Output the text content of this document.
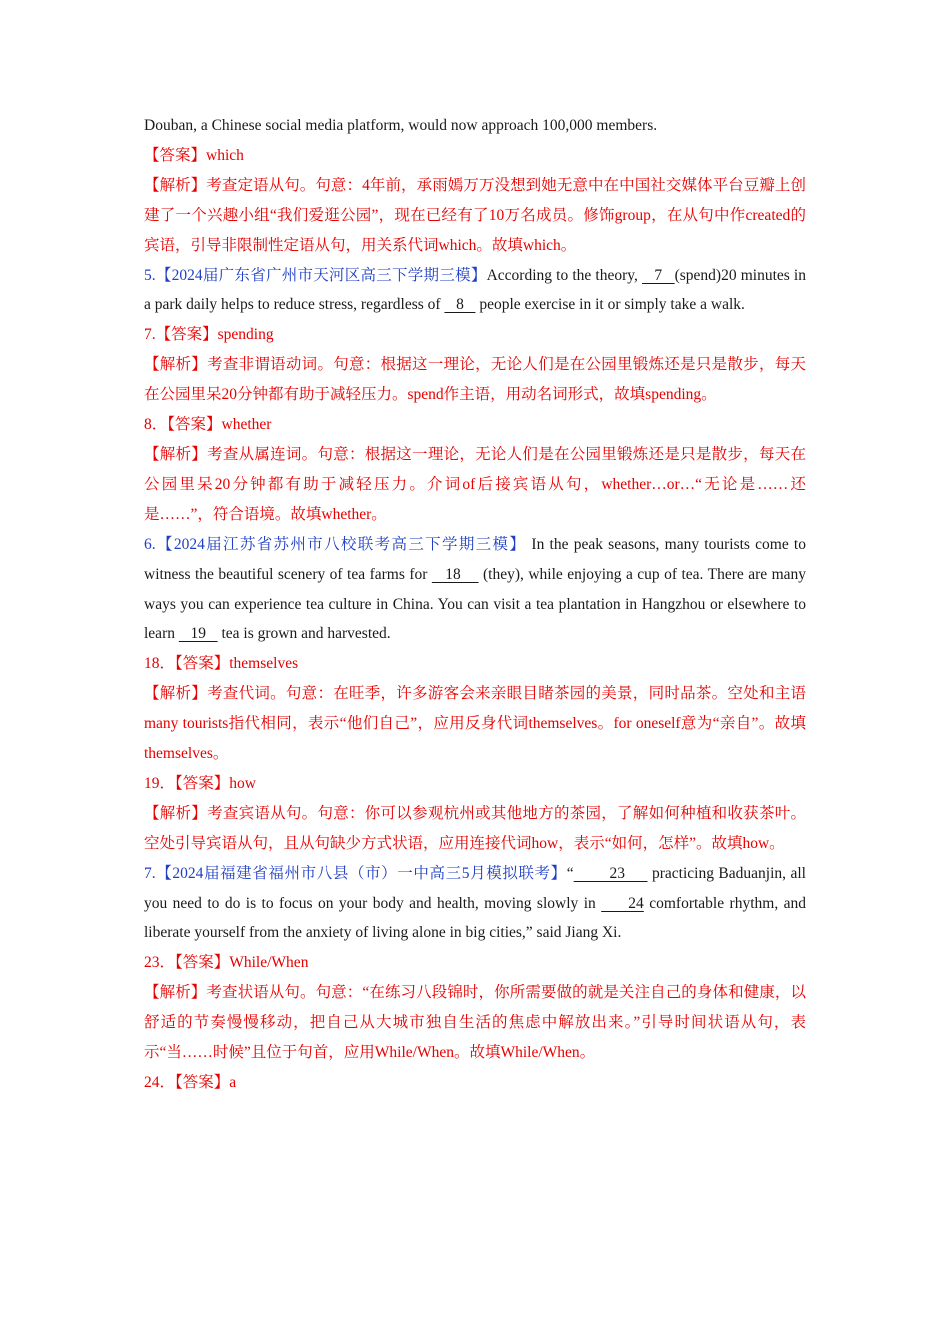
Douban, a Chinese social media platform, would now approach 100,000 members.

【答案】which

【解析】考查定语从句。句意：4年前，承雨嫣万万没想到她无意中在中国社交媒体平台豆瓣上创建了一个兴趣小组“我们爱逛公园”，现在已经有了10万名成员。修饰group，在从句中作created的宾语，引导非限制性定语从句，用关系代词which。故填which。

5.【2024届广东省广州市天河区高三下学期三模】According to the theory,    7   (spend)20 minutes in a park daily helps to reduce stress, regardless of    8    people exercise in it or simply take a walk.

7.【答案】spending

【解析】考查非谓语动词。句意：根据这一理论，无论人们是在公园里锻炼还是只是散步，每天在公园里呆20分钟都有助于减轻压力。spend作主语，用动名词形式，故填spending。

8．【答案】whether

【解析】考查从属连词。句意：根据这一理论，无论人们是在公园里锻炼还是只是散步，每天在公园里呆20分钟都有助于减轻压力。介词of后接宾语从句，whether…or…“无论是……还是……”，符合语境。故填whether。

6.【2024届江苏省苏州市八校联考高三下学期三模】 In the peak seasons, many tourists come to witness the beautiful scenery of tea farms for    18     (they), while enjoying a cup of tea. There are many ways you can experience tea culture in China. You can visit a tea plantation in Hangzhou or elsewhere to learn    19    tea is grown and harvested.

18．【答案】themselves

【解析】考查代词。句意：在旺季，许多游客会来亲眼目睹茶园的美景，同时品茶。空处和主语many tourists指代相同，表示“他们自己”，应用反身代词themselves。for oneself意为“亲自”。故填themselves。

19．【答案】how

【解析】考查宾语从句。句意：你可以参观杭州或其他地方的茶园，了解如何种植和收获茶叶。空处引导宾语从句，且从句缺少方式状语，应用连接代词how，表示“如何，怎样”。故填how。

7.【2024届福建省福州市八县（市）一中高三5月模拟联考】“        23      practicing Baduanjin, all you need to do is to focus on your body and health, moving slowly in      24 comfortable rhythm, and liberate yourself from the anxiety of living alone in big cities,” said Jiang Xi.

23．【答案】While/When

【解析】考查状语从句。句意：“在练习八段锦时，你所需要做的就是关注自己的身体和健康，以舒适的节奏慢慢移动，把自己从大城市独自生活的焦虑中解放出来。”引导时间状语从句，表示“当……时候”且位于句首，应用While/When。故填While/When。

24．【答案】a
